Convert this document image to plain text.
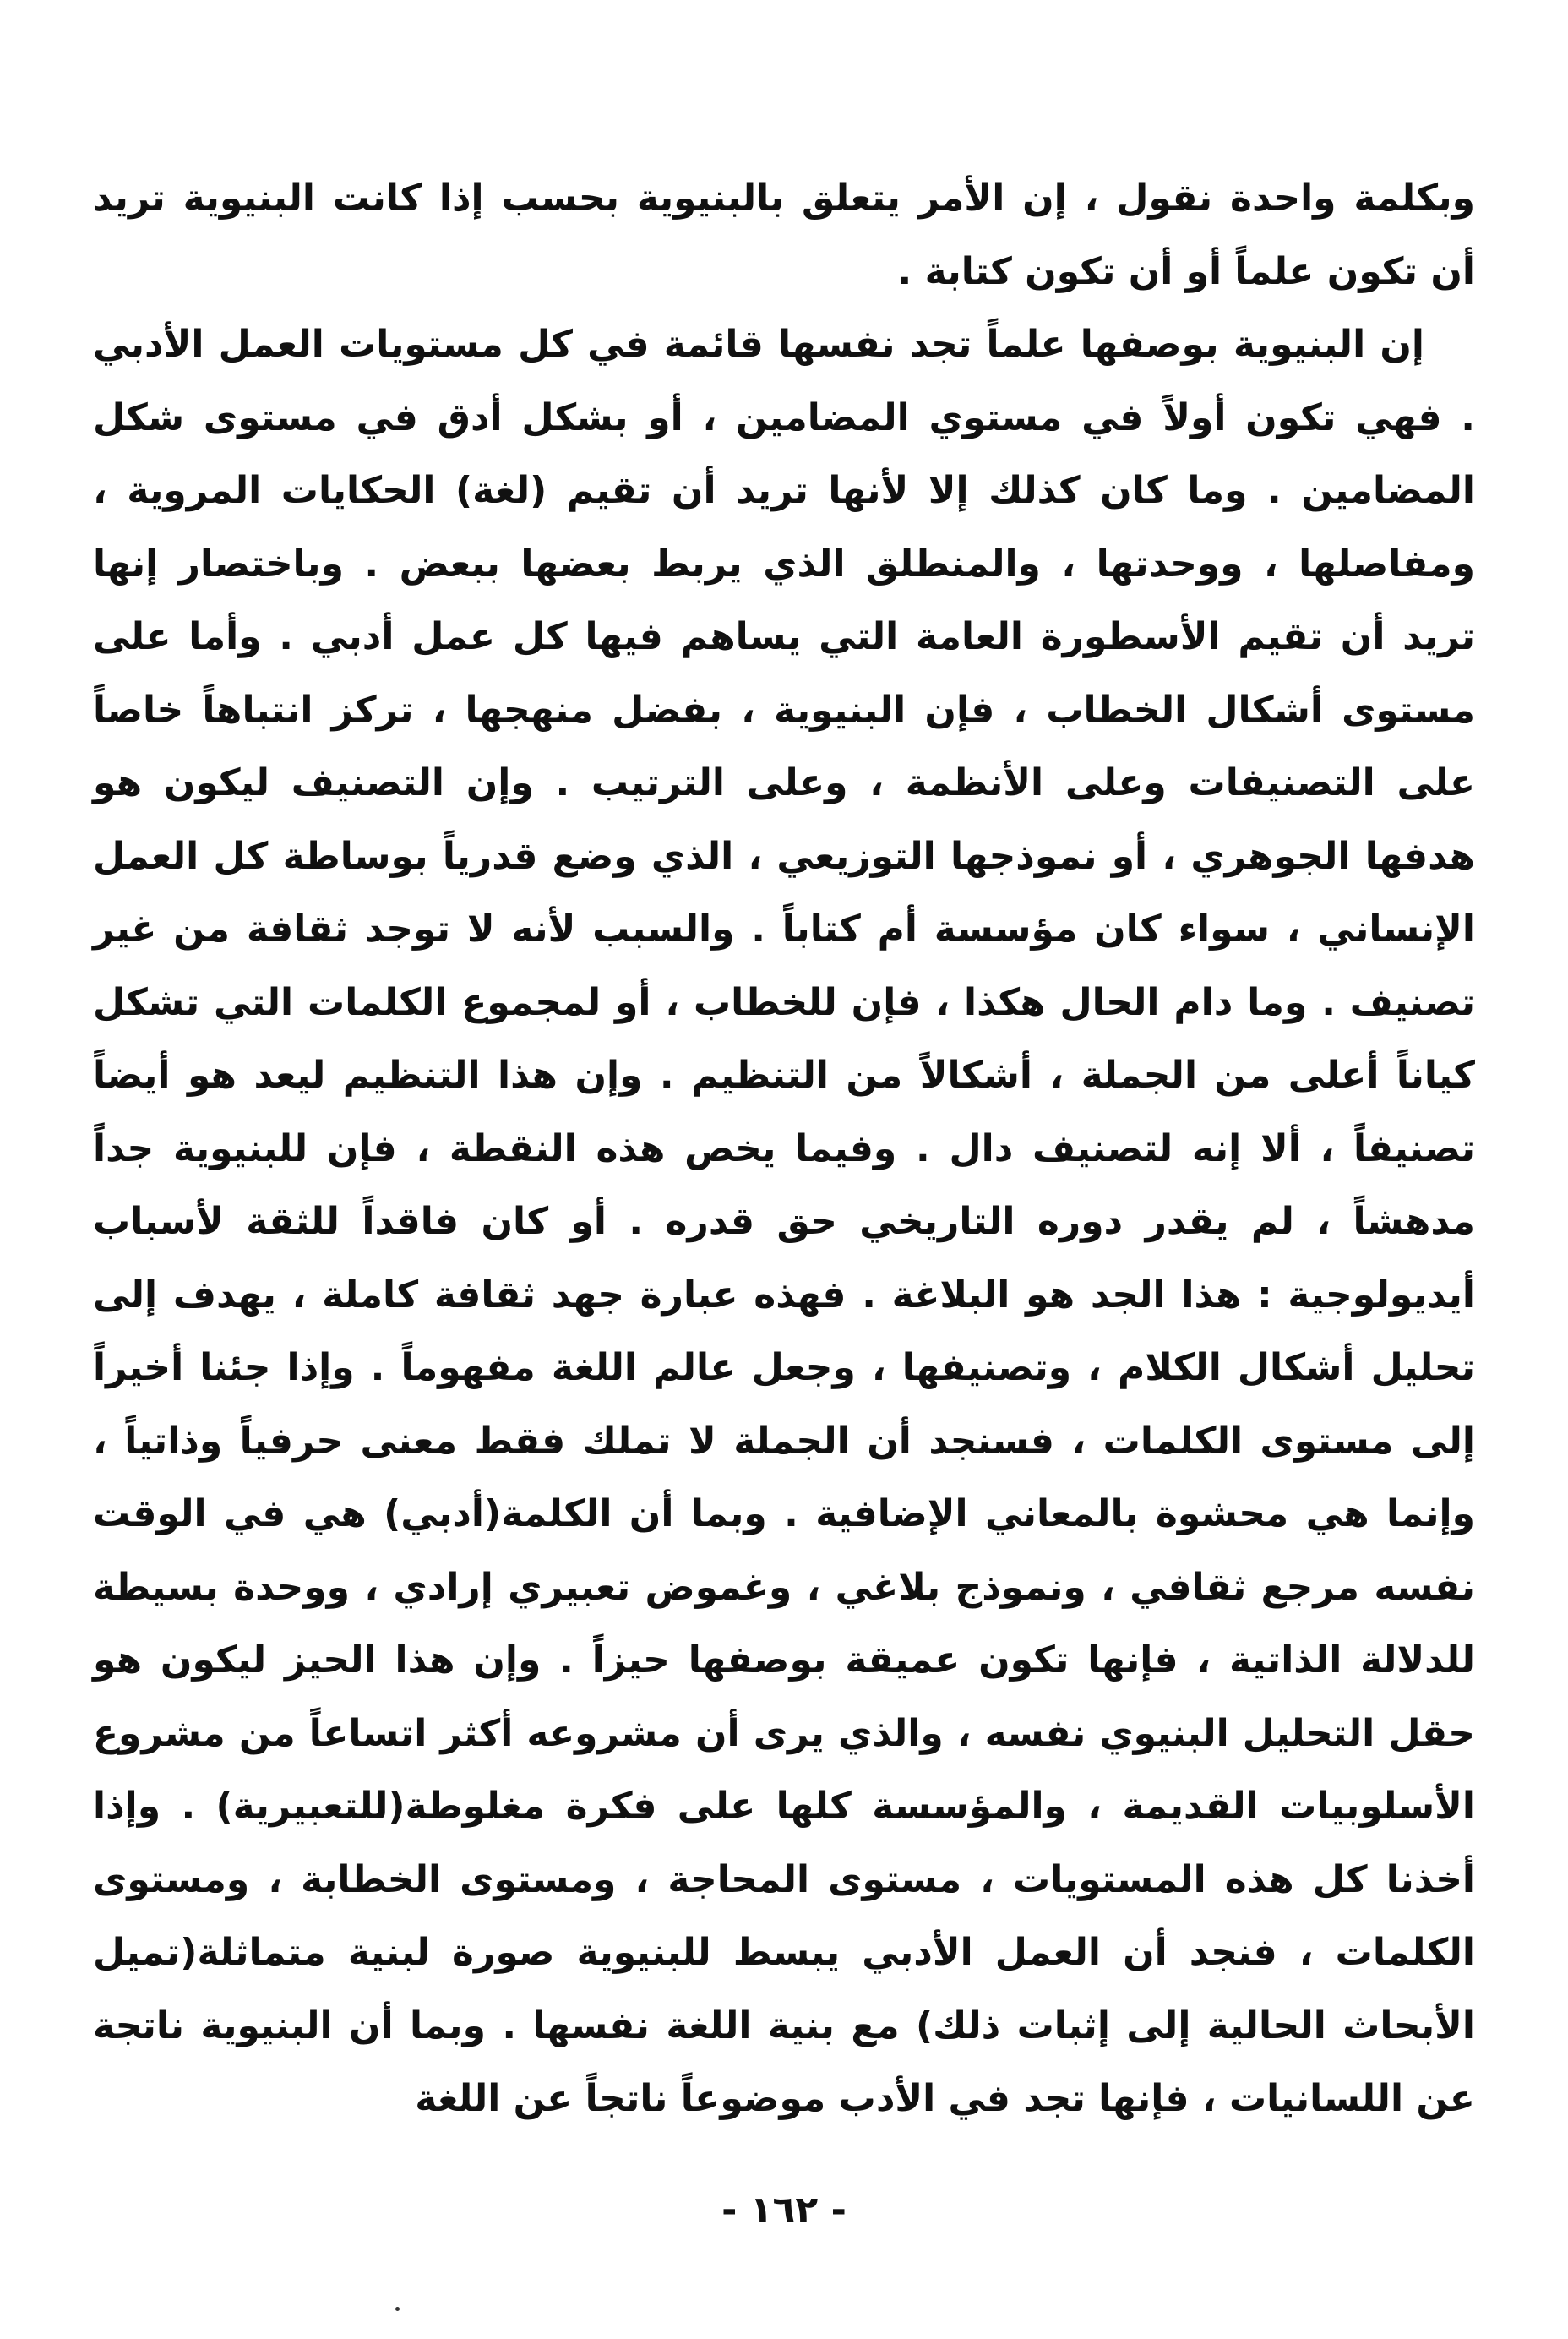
وبكلمة واحدة نقول ، إن الأمر يتعلق بالبنيوية بحسب إذا كانت البنيوية تريد أن تكون علماً أو أن تكون كتابة .

إن البنيوية بوصفها علماً تجد نفسها قائمة في كل مستويات العمل الأدبي . فهي تكون أولاً في مستوي المضامين ، أو بشكل أدق في مستوى شكل المضامين . وما كان كذلك إلا لأنها تريد أن تقيم (لغة) الحكايات المروية ، ومفاصلها ، ووحدتها ، والمنطلق الذي يربط بعضها ببعض . وباختصار إنها تريد أن تقيم الأسطورة العامة التي يساهم فيها كل عمل أدبي . وأما على مستوى أشكال الخطاب ، فإن البنيوية ، بفضل منهجها ، تركز انتباهاً خاصاً على التصنيفات وعلى الأنظمة ، وعلى الترتيب . وإن التصنيف ليكون هو هدفها الجوهري ، أو نموذجها التوزيعي ، الذي وضع قدرياً بوساطة كل العمل الإنساني ، سواء كان مؤسسة أم كتاباً . والسبب لأنه لا توجد ثقافة من غير تصنيف . وما دام الحال هكذا ، فإن للخطاب ، أو لمجموع الكلمات التي تشكل كياناً أعلى من الجملة ، أشكالاً من التنظيم . وإن هذا التنظيم ليعد هو أيضاً تصنيفاً ، ألا إنه لتصنيف دال . وفيما يخص هذه النقطة ، فإن للبنيوية جداً مدهشاً ، لم يقدر دوره التاريخي حق قدره . أو كان فاقداً للثقة لأسباب أيديولوجية : هذا الجد هو البلاغة . فهذه عبارة جهد ثقافة كاملة ، يهدف إلى تحليل أشكال الكلام ، وتصنيفها ، وجعل عالم اللغة مفهوماً . وإذا جئنا أخيراً إلى مستوى الكلمات ، فسنجد أن الجملة لا تملك فقط معنى حرفياً وذاتياً ، وإنما هي محشوة بالمعاني الإضافية . وبما أن الكلمة(أدبي) هي في الوقت نفسه مرجع ثقافي ، ونموذج بلاغي ، وغموض تعبيري إرادي ، ووحدة بسيطة للدلالة الذاتية ، فإنها تكون عميقة بوصفها حيزاً . وإن هذا الحيز ليكون هو حقل التحليل البنيوي نفسه ، والذي يرى أن مشروعه أكثر اتساعاً من مشروع الأسلوبيات القديمة ، والمؤسسة كلها على فكرة مغلوطة(للتعبيرية) . وإذا أخذنا كل هذه المستويات ، مستوى المحاجة ، ومستوى الخطابة ، ومستوى الكلمات ، فنجد أن العمل الأدبي يبسط للبنيوية صورة لبنية متماثلة(تميل الأبحاث الحالية إلى إثبات ذلك) مع بنية اللغة نفسها . وبما أن البنيوية ناتجة عن اللسانيات ، فإنها تجد في الأدب موضوعاً ناتجاً عن اللغة

- ١٦٢ -
